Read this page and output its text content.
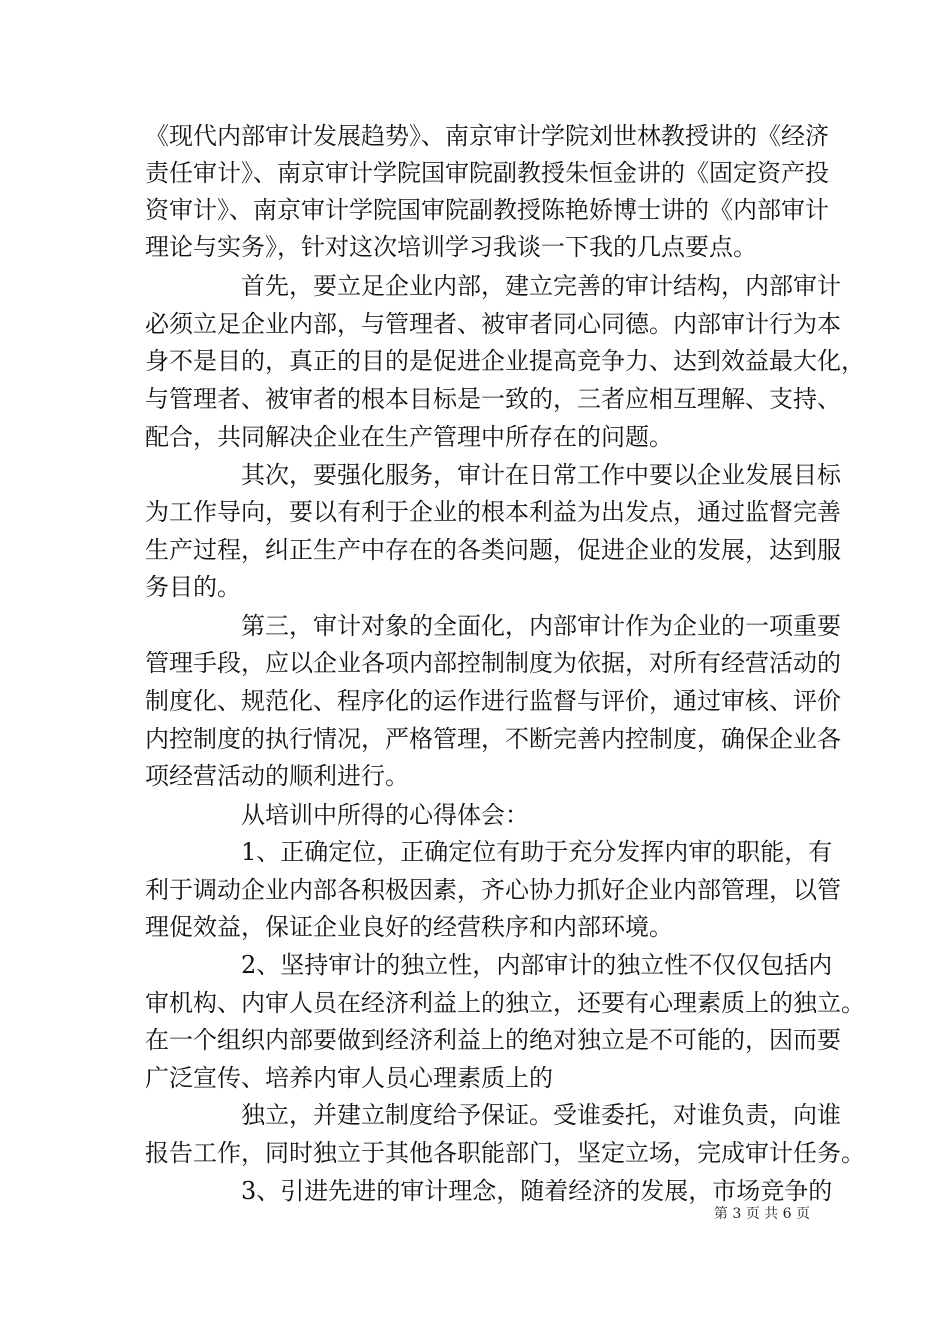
《现代内部审计发展趋势》、南京审计学院刘世林教授讲的《经济
责任审计》、南京审计学院国审院副教授朱恒金讲的《固定资产投
资审计》、南京审计学院国审院副教授陈艳娇博士讲的《内部审计
理论与实务》，针对这次培训学习我谈一下我的几点要点。
首先，要立足企业内部，建立完善的审计结构，内部审计
必须立足企业内部，与管理者、被审者同心同德。内部审计行为本
身不是目的，真正的目的是促进企业提高竞争力、达到效益最大化，
与管理者、被审者的根本目标是一致的，三者应相互理解、支持、
配合，共同解决企业在生产管理中所存在的问题。
其次，要强化服务，审计在日常工作中要以企业发展目标
为工作导向，要以有利于企业的根本利益为出发点，通过监督完善
生产过程，纠正生产中存在的各类问题，促进企业的发展，达到服
务目的。
第三，审计对象的全面化，内部审计作为企业的一项重要
管理手段，应以企业各项内部控制制度为依据，对所有经营活动的
制度化、规范化、程序化的运作进行监督与评价，通过审核、评价
内控制度的执行情况，严格管理，不断完善内控制度，确保企业各
项经营活动的顺利进行。
从培训中所得的心得体会：
1、正确定位，正确定位有助于充分发挥内审的职能，有
利于调动企业内部各积极因素，齐心协力抓好企业内部管理，以管
理促效益，保证企业良好的经营秩序和内部环境。
2、坚持审计的独立性，内部审计的独立性不仅仅包括内
审机构、内审人员在经济利益上的独立，还要有心理素质上的独立。
在一个组织内部要做到经济利益上的绝对独立是不可能的，因而要
广泛宣传、培养内审人员心理素质上的
独立，并建立制度给予保证。受谁委托，对谁负责，向谁
报告工作，同时独立于其他各职能部门，坚定立场，完成审计任务。
3、引进先进的审计理念，随着经济的发展，市场竞争的
第 3 页 共 6 页
